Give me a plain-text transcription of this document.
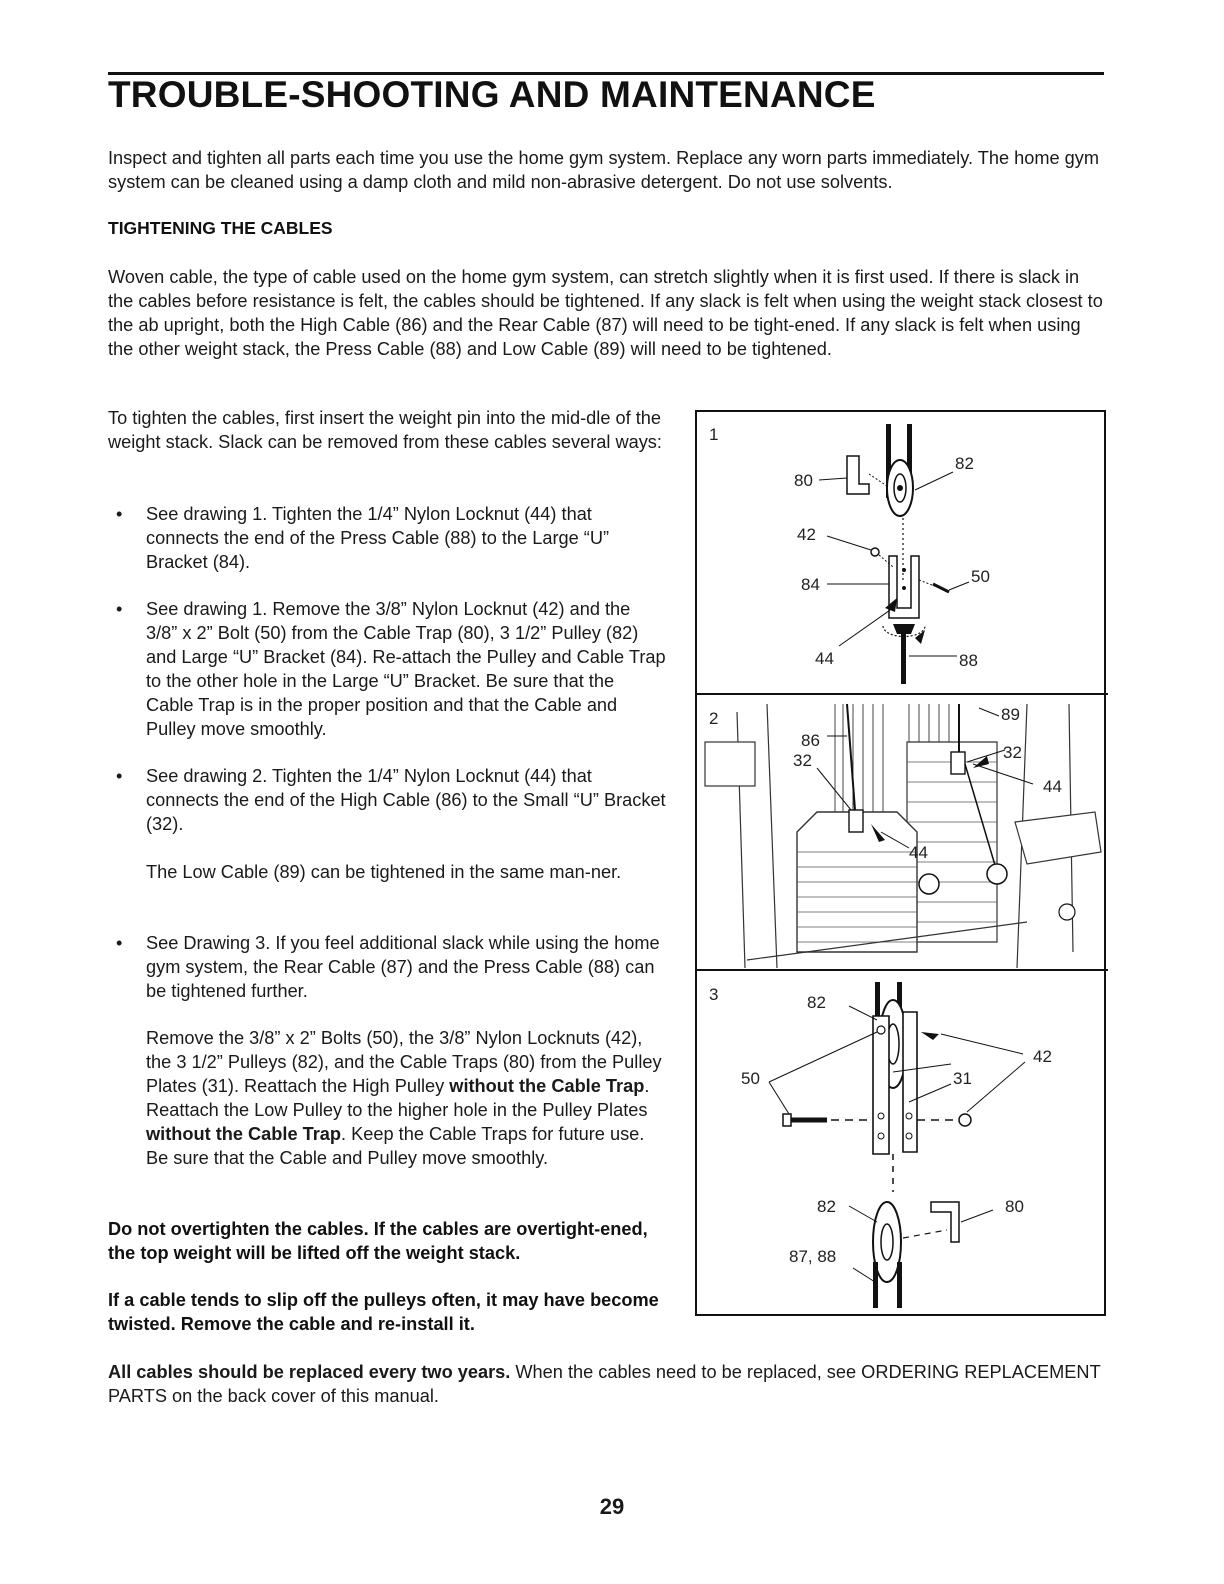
TROUBLE-SHOOTING AND MAINTENANCE

Inspect and tighten all parts each time you use the home gym system. Replace any worn parts immediately. The home gym system can be cleaned using a damp cloth and mild non-abrasive detergent. Do not use solvents.

TIGHTENING THE CABLES

Woven cable, the type of cable used on the home gym system, can stretch slightly when it is first used. If there is slack in the cables before resistance is felt, the cables should be tightened. If any slack is felt when using the weight stack closest to the ab upright, both the High Cable (86) and the Rear Cable (87) will need to be tight-ened. If any slack is felt when using the other weight stack, the Press Cable (88) and Low Cable (89) will need to be tightened.

To tighten the cables, first insert the weight pin into the mid-dle of the weight stack. Slack can be removed from these cables several ways:

• See drawing 1. Tighten the 1/4” Nylon Locknut (44) that connects the end of the Press Cable (88) to the Large “U” Bracket (84).
• See drawing 1. Remove the 3/8” Nylon Locknut (42) and the 3/8” x 2” Bolt (50) from the Cable Trap (80), 3 1/2” Pulley (82) and Large “U” Bracket (84). Re-attach the Pulley and Cable Trap to the other hole in the Large “U” Bracket. Be sure that the Cable Trap is in the proper position and that the Cable and Pulley move smoothly.
• See drawing 2. Tighten the 1/4” Nylon Locknut (44) that connects the end of the High Cable (86) to the Small “U” Bracket (32).

The Low Cable (89) can be tightened in the same man-ner.

• See Drawing 3. If you feel additional slack while using the home gym system, the Rear Cable (87) and the Press Cable (88) can be tightened further.

Remove the 3/8” x 2” Bolts (50), the 3/8” Nylon Locknuts (42), the 3 1/2” Pulleys (82), and the Cable Traps (80) from the Pulley Plates (31). Reattach the High Pulley without the Cable Trap. Reattach the Low Pulley to the higher hole in the Pulley Plates without the Cable Trap. Keep the Cable Traps for future use. Be sure that the Cable and Pulley move smoothly.

Do not overtighten the cables. If the cables are overtight-ened, the top weight will be lifted off the weight stack.

If a cable tends to slip off the pulleys often, it may have become twisted. Remove the cable and re-install it.

All cables should be replaced every two years. When the cables need to be replaced, see ORDERING REPLACEMENT PARTS on the back cover of this manual.

29
1
80
82
42
84	50
44	88
2
86
89
32
32
44
44
3	82
42
50	31
82	80
87, 88
